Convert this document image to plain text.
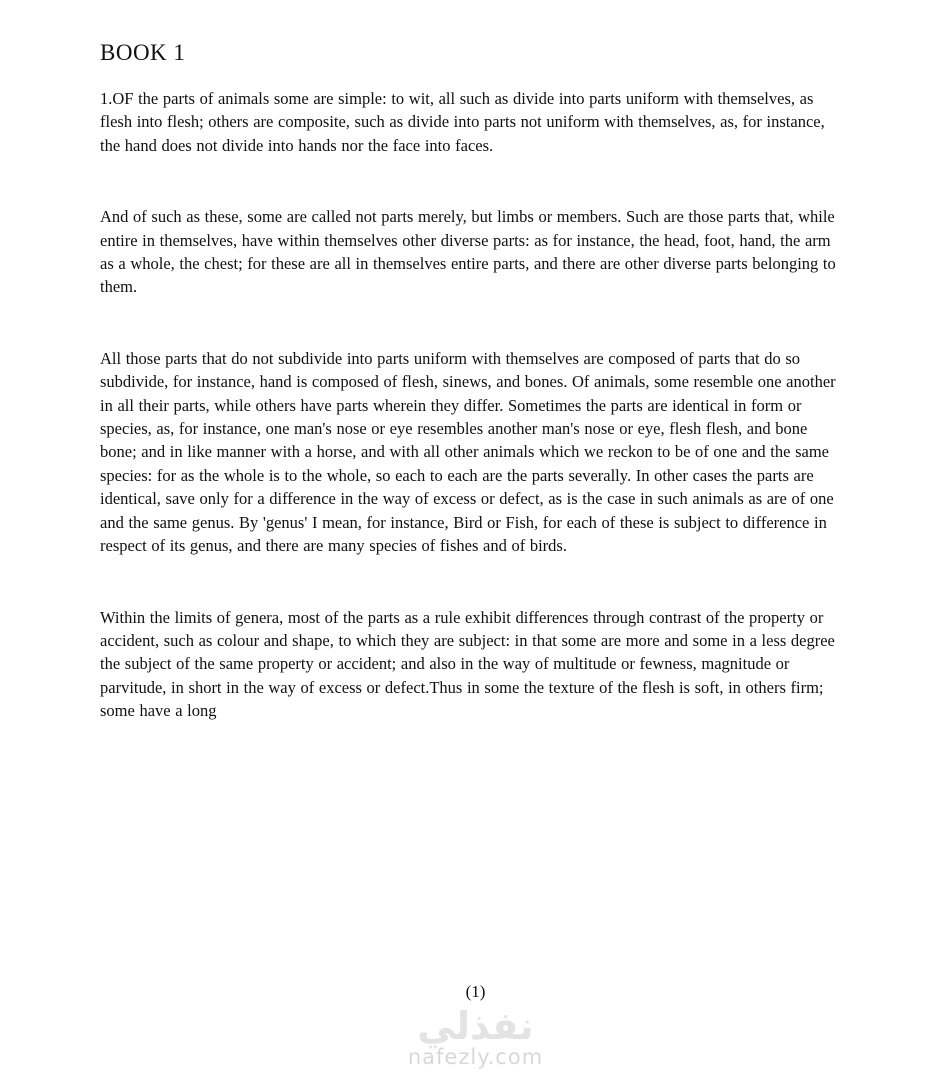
BOOK 1

1.OF the parts of animals some are simple: to wit, all such as divide into parts uniform with themselves, as flesh into flesh; others are composite, such as divide into parts not uniform with themselves, as, for instance, the hand does not divide into hands nor the face into faces.

And of such as these, some are called not parts merely, but limbs or members. Such are those parts that, while entire in themselves, have within themselves other diverse parts: as for instance, the head, foot, hand, the arm as a whole, the chest; for these are all in themselves entire parts, and there are other diverse parts belonging to them.

All those parts that do not subdivide into parts uniform with themselves are composed of parts that do so subdivide, for instance, hand is composed of flesh, sinews, and bones. Of animals, some resemble one another in all their parts, while others have parts wherein they differ. Sometimes the parts are identical in form or species, as, for instance, one man's nose or eye resembles another man's nose or eye, flesh flesh, and bone bone; and in like manner with a horse, and with all other animals which we reckon to be of one and the same species: for as the whole is to the whole, so each to each are the parts severally. In other cases the parts are identical, save only for a difference in the way of excess or defect, as is the case in such animals as are of one and the same genus. By 'genus' I mean, for instance, Bird or Fish, for each of these is subject to difference in respect of its genus, and there are many species of fishes and of birds.

Within the limits of genera, most of the parts as a rule exhibit differences through contrast of the property or accident, such as colour and shape, to which they are subject: in that some are more and some in a less degree the subject of the same property or accident; and also in the way of multitude or fewness, magnitude or parvitude, in short in the way of excess or defect.Thus in some the texture of the flesh is soft, in others firm; some have a long

(1)
نفذلي
nafezly.com
